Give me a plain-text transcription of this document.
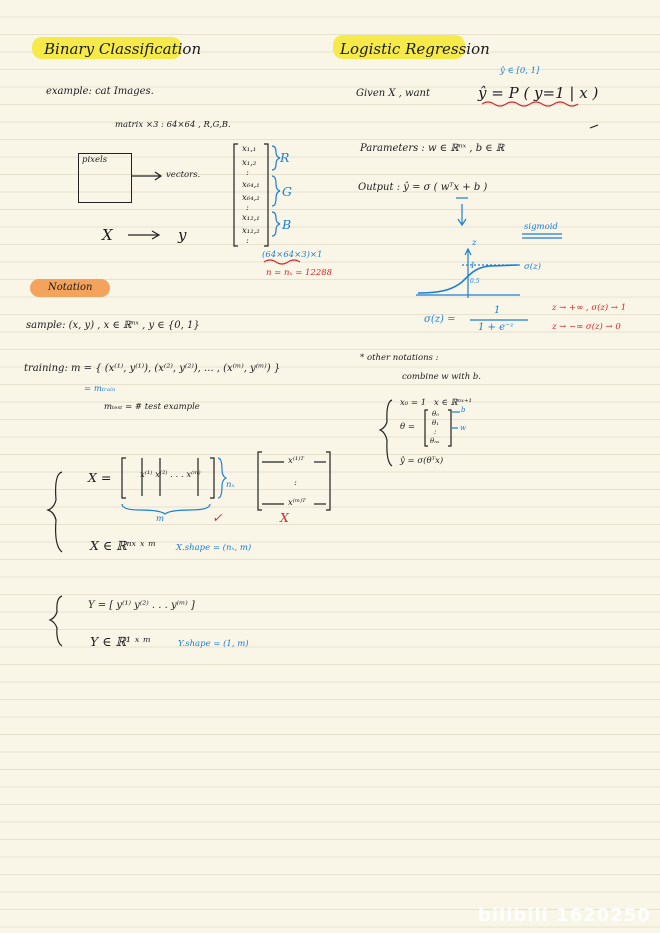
Binary Classification
example: cat Images.
matrix ×3 : 64×64 , R,G,B.
pixels
vectors.
x₁,₁
x₁,₂
:
x₆₄,₁
x₆₄,₂
:
x₁₂,₁
x₁₂,₂
:
R
G
B
(64×64×3)×1
n = nₓ = 12288
X	y
Notation
sample: (x, y) , x ∈ ℝⁿˣ , y ∈ {0, 1}
training: m = { (x⁽¹⁾, y⁽¹⁾), (x⁽²⁾, y⁽²⁾), ... , (x⁽ᵐ⁾, y⁽ᵐ⁾) }
= mₜᵣₐᵢₙ
mₜₑₛₜ = # test example
X =	x⁽¹⁾ x⁽²⁾ . . . x⁽ᵐ⁾
nₓ
m	✓	X
x⁽¹⁾ᵀ
:
x⁽ᵐ⁾ᵀ
X ∈ ℝⁿˣ ˣ ᵐ X.shape = (nₓ, m)
Y = [ y⁽¹⁾ y⁽²⁾ . . . y⁽ᵐ⁾ ]
Y ∈ ℝ¹ ˣ ᵐ	Y.shape = (1, m)
Logistic Regression
ŷ ∈ [0, 1]
Given X , want	ŷ = P ( y=1 | x )
Parameters : w ∈ ℝⁿˣ , b ∈ ℝ
Output : ŷ = σ ( wᵀx + b )
sigmoid
z
1
0.5
σ(z)
σ(z) =
1
1 + e⁻ᶻ
z → +∞ , σ(z) → 1
z → −∞ σ(z) → 0
* other notations :
combine w with b.
x₀ = 1 x ∈ ℝⁿˣ⁺¹
θ =
θ₀
θ₁
:
θₙₓ
b
w
ŷ = σ(θᵀx)
bilibili 1620250
